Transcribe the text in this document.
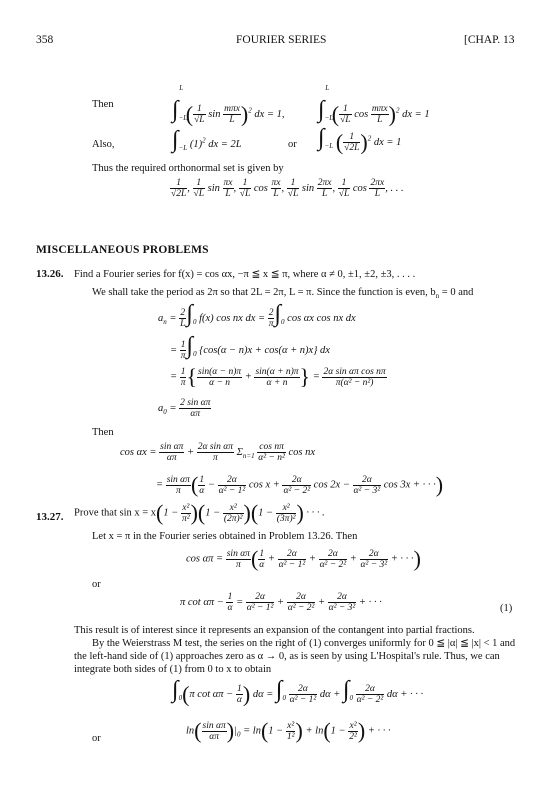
358	FOURIER SERIES	[CHAP. 13
Then $\int_{-L}^L$ ( $\frac{1}{√L}$ $\sin \frac{\text{mπx}}{L} )^2$ dx = 1, $\int_{-L}^L$ ( $\frac{1}{√L}$ $\cos \frac{\text{mπx}}{L} )^2$ dx = 1
Also, $\int_{-L}$ $(1)^2$ dx = 2L	or $\int_{-L}$ ( $\frac{1}{√2L} )^2$ dx = 1
Thus the required orthonormal set is given by
$\frac{1}{√2L}$ , $\frac{1}{√L}$ $\sin \frac{\pi x}{L}$ , $\frac{1}{√L}$ $\cos \frac{\pi x}{L}$ , $\frac{1}{√L}$ $\sin \frac{2\pi x}{L}$ , $\frac{1}{√L}$ $\cos \frac{2\pi x}{L}$ , . . .
MISCELLANEOUS PROBLEMS
13.26. Find a Fourier series for f(x) = cos αx, −π ≦ x ≦ π, where α ≠ 0, ±1, ±2, ±3, . . . .
We shall take the period as 2π so that 2L = 2π, L = π. Since the function is even, $b_n = 0$ and
$a_n = \frac{2}{L} \int_0$ f(x) cos nx dx = $\frac{2}{\pi} \int_0$ cos αx cos nx dx
= $\frac{1}{\pi} \int_0$ {cos(α − n)x + cos(α + n)x} dx
= $\frac{1}{\pi}$ { $\frac{\sin(\alpha - n)\pi}{\alpha - n} + \frac{\sin(\alpha + n)\pi}{\alpha + n}$ } = $\frac{\text{2α sin απ cos nπ}}{\text{π(α² − n²)}}$
$a_0 = \frac{\text{2 sin απ}}{\alpha\pi}$
Then
$\cos \alpha x = \frac{\text{sin απ}}{\alpha\pi} + \frac{\text{2α sin απ}}{\pi} \Sigma_{n=1} \frac{\text{cos nπ}}{\text{α² − n²}}$ cos nx
= $\frac{\text{sin απ}}{\pi}$ ( $\frac{1}{\alpha} - \frac{2\alpha}{\text{α² − 1²}}$ $\cos x + \frac{2\alpha}{\text{α² − 2²}}$ $\cos 2x - \frac{2\alpha}{\text{α² − 3²}}$ cos 3x + · · ·)
13.27. Prove that $\sin x = x(1 - \frac{\text{x²}}{\text{π²}} )(1 - \frac{\text{x²}}{\text{(2π)²}} )(1 - \frac{\text{x²}}{\text{(3π)²}}$ ) · · · .
Let x = π in the Fourier series obtained in Problem 13.26. Then
$\cos \alpha\pi = \frac{\text{sin απ}}{\pi}$ ( $\frac{1}{\alpha} + \frac{2\alpha}{\text{α² − 1²}} + \frac{2\alpha}{\text{α² − 2²}} + \frac{2\alpha}{\text{α² − 3²}}$ + · · ·)
or
π $\cot \alpha\pi - \frac{1}{\alpha} = \frac{2\alpha}{\text{α² − 1²}} + \frac{2\alpha}{\text{α² − 2²}} + \frac{2\alpha}{\text{α² − 3²}}$ + · · ·
(1)
This result is of interest since it represents an expansion of the contangent into partial fractions.
By the Weierstrass M test, the series on the right of (1) converges uniformly for 0 ≦ |α| ≦ |x| < 1 and
the left-hand side of (1) approaches zero as α → 0, as is seen by using L'Hospital's rule. Thus, we can
integrate both sides of (1) from 0 to x to obtain
$\int_0(\pi$ $\cot \alpha\pi - \frac{1}{\alpha}$ ) $d\alpha = \int_0 \frac{2\alpha}{\text{α² − 1²}}$ $d\alpha + \int_0 \frac{2\alpha}{\text{α² − 2²}}$ dα + · · ·
or
$\ln( \frac{\text{sin απ}}{\alpha\pi} )|_0 = \ln(1 - \frac{\text{x²}}{\text{1²}}$ ) + $\ln(1 - \frac{\text{x²}}{\text{2²}}$ ) + · · ·
